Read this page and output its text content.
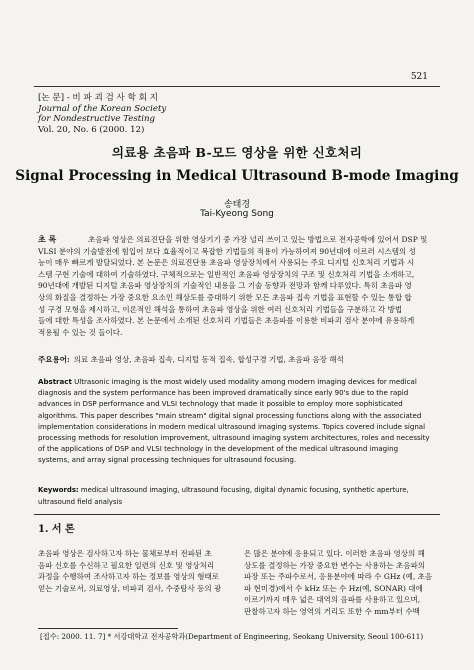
521
[논 문] - 비 파 괴 검 사 학 회 지
Journal of the Korean Society
for Nondestructive Testing
Vol. 20, No. 6 (2000. 12)
의료용 초음파 B-모드 영상을 위한 신호처리
Signal Processing in Medical Ultrasound B-mode Imaging
송태경
Tai-Kyeong Song
초 록	초음파 영상은 의료진단을 위한 영상기기 중 가장 널리 쓰이고 있는 방법으로 전자공학에 있어서 DSP 및
VLSI 분야의 기술발전에 힘입어 보다 효율적이고 복잡한 기법들의 적용이 가능하여져 90년대에 이르러 시스템의 성
능이 매우 빠르게 발달되었다. 본 논문은 의료진단용 초음파 영상장치에서 사용되는 주요 디지털 신호처리 기법과 시
스템 구현 기술에 대하여 기술하였다. 구체적으로는 일반적인 초음파 영상장치의 구조 및 신호처리 기법을 소개하고,
90년대에 개발된 디지털 초음파 영상장치의 기술적인 내용을 그 기술 동향과 전망과 함께 다루었다. 특히 초음파 영
상의 화질을 결정하는 가장 중요한 요소인 해상도를 증대하기 위한 모든 초음파 집속 기법을 표현할 수 있는 통합 합
성 구경 모형을 제시하고, 이론적인 해석을 통하여 초음파 영상을 위한 여러 신호처리 기법들을 구분하고 각 방법
들에 대한 특성을 조사하였다. 본 논문에서 소개된 신호처리 기법들은 초음파를 이용한 비파괴 검사 분야에 유용하게
적용될 수 있는 것 들이다.
주요용어: 의료 초음파 영상, 초음파 집속, 디지털 동적 집속, 합성구경 기법, 초음파 음장 해석
Abstract Ultrasonic imaging is the most widely used modality among modern imaging devices for medical
diagnosis and the system performance has been improved dramatically since early 90's due to the rapid
advances in DSP performance and VLSI technology that made it possible to employ more sophisticated
algorithms. This paper describes "main stream" digital signal processing functions along with the associated
implementation considerations in modern medical ultrasound imaging systems. Topics covered include signal
processing methods for resolution improvement, ultrasound imaging system architectures, roles and necessity
of the applications of DSP and VLSI technology in the development of the medical ultrasound imaging
systems, and array signal processing techniques for ultrasound focusing.
Keywords: medical ultrasound imaging, ultrasound focusing, digital dynamic focusing, synthetic aperture,
ultrasound field analysis
1. 서 론
초음파 영상은 검사하고자 하는 물체로부터 전파된 초
음파 신호를 수신하고 필요한 일련의 신호 및 영상처리
과정을 수행하여 조사하고자 하는 정보를 영상의 형태로
얻는 기술로서, 의료영상, 비파괴 검사, 수중탐사 등의 광
은 많은 분야에 응용되고 있다. 이러한 초음파 영상의 해
상도를 결정하는 가장 중요한 변수는 사용하는 초음파의
파장 또는 주파수로서, 응용분야에 따라 수 GHz (예, 초음
파 현미경)에서 수 kHz 또는 수 Hz(예, SONAR) 대에
이르기까지 매우 넓은 대역의 음파를 사용하고 있으며,
판찰하고자 하는 영역의 거리도 또한 수 mm부터 수백
[접수: 2000. 11. 7] * 서강대학교 전자공학과(Department of Engineering, Seokang University, Seoul 100-611)
